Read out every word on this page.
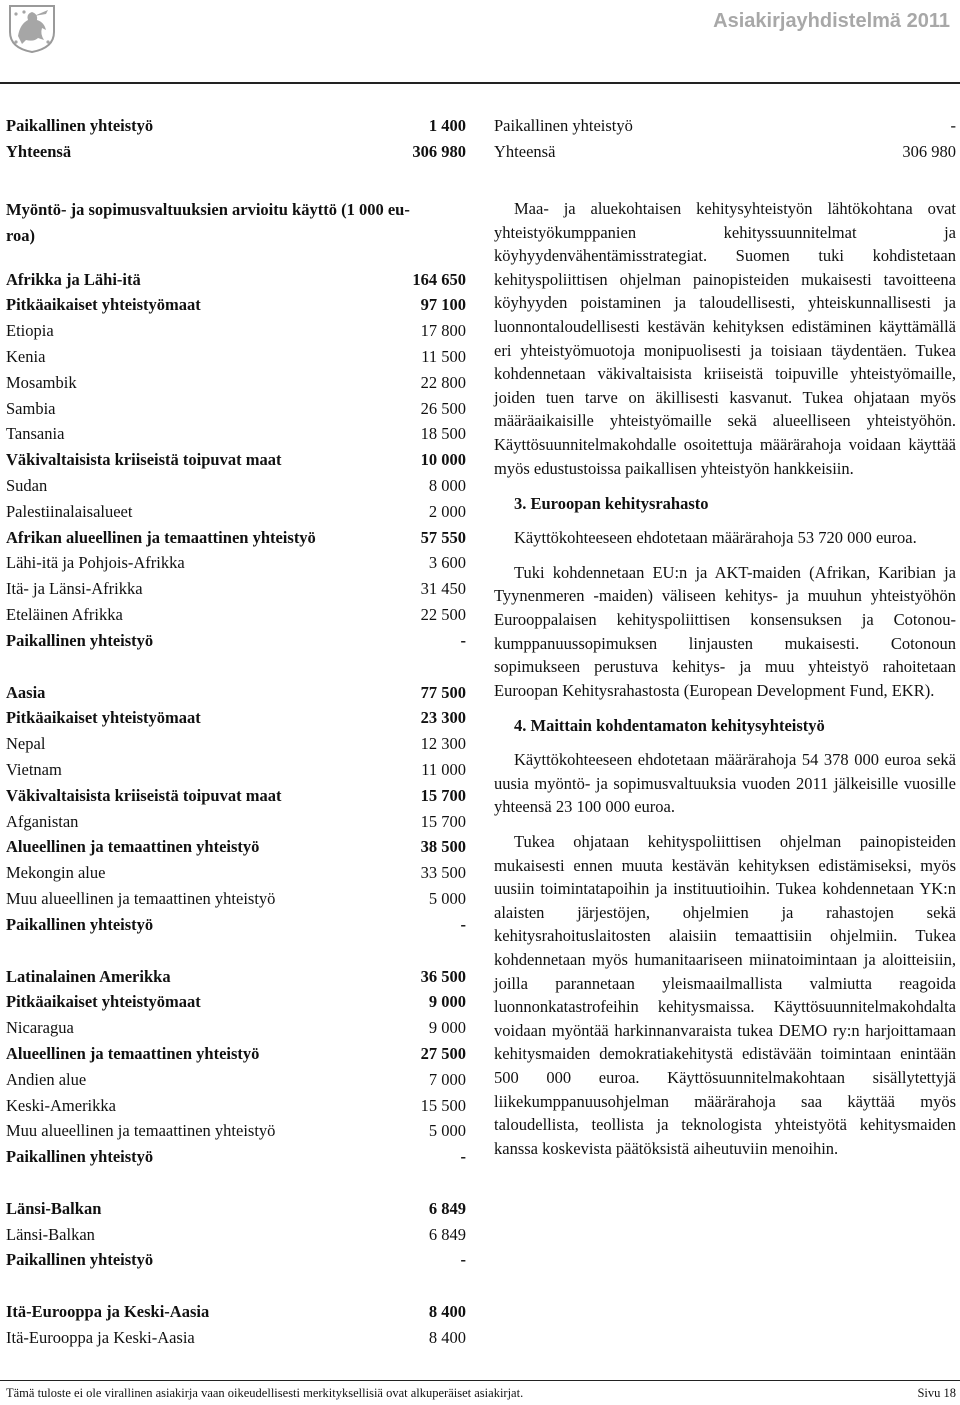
Asiakirjayhdistelmä 2011
Paikallinen yhteistyö	1 400
Yhteensä	306 980
Myöntö- ja sopimusvaltuuksien arvioitu käyttö (1 000 eu-
roa)
Afrikka ja Lähi-itä	164 650
Pitkäaikaiset yhteistyömaat	97 100
Etiopia	17 800
Kenia	11 500
Mosambik	22 800
Sambia	26 500
Tansania	18 500
Väkivaltaisista kriiseistä toipuvat maat	10 000
Sudan	8 000
Palestiinalaisalueet	2 000
Afrikan alueellinen ja temaattinen yhteistyö	57 550
Lähi-itä ja Pohjois-Afrikka	3 600
Itä- ja Länsi-Afrikka	31 450
Eteläinen Afrikka	22 500
Paikallinen yhteistyö	-
Aasia	77 500
Pitkäaikaiset yhteistyömaat	23 300
Nepal	12 300
Vietnam	11 000
Väkivaltaisista kriiseistä toipuvat maat	15 700
Afganistan	15 700
Alueellinen ja temaattinen yhteistyö	38 500
Mekongin alue	33 500
Muu alueellinen ja temaattinen yhteistyö	5 000
Paikallinen yhteistyö	-
Latinalainen Amerikka	36 500
Pitkäaikaiset yhteistyömaat	9 000
Nicaragua	9 000
Alueellinen ja temaattinen yhteistyö	27 500
Andien alue	7 000
Keski-Amerikka	15 500
Muu alueellinen ja temaattinen yhteistyö	5 000
Paikallinen yhteistyö	-
Länsi-Balkan	6 849
Länsi-Balkan	6 849
Paikallinen yhteistyö	-
Itä-Eurooppa ja Keski-Aasia	8 400
Itä-Eurooppa ja Keski-Aasia	8 400
Paikallinen yhteistyö	-
Yhteensä	306 980

Maa- ja aluekohtaisen kehitysyhteistyön lähtökohtana ovat yhteistyökumppanien kehityssuunnitelmat ja köyhyydenvähentämisstrategiat. Suomen tuki kohdistetaan kehityspoliittisen ohjelman painopisteiden mukaisesti tavoitteena köyhyyden poistaminen ja taloudellisesti, yhteiskunnallisesti ja luonnontaloudellisesti kestävän kehityksen edistäminen käyttämällä eri yhteistyömuotoja monipuolisesti ja toisiaan täydentäen. Tukea kohdennetaan väkivaltaisista kriiseistä toipuville yhteistyömaille, joiden tuen tarve on äkillisesti kasvanut. Tukea ohjataan myös määräaikaisille yhteistyömaille sekä alueelliseen yhteistyöhön. Käyttösuunnitelmakohdalle osoitettuja määrärahoja voidaan käyttää myös edustustoissa paikallisen yhteistyön hankkeisiin.

3. Euroopan kehitysrahasto

Käyttökohteeseen ehdotetaan määrärahoja 53 720 000 euroa.

Tuki kohdennetaan EU:n ja AKT-maiden (Afrikan, Karibian ja Tyynenmeren -maiden) väliseen kehitys- ja muuhun yhteistyöhön Eurooppalaisen kehityspoliittisen konsensuksen ja Cotonou-kumppanuussopimuksen linjausten mukaisesti. Cotonoun sopimukseen perustuva kehitys- ja muu yhteistyö rahoitetaan Euroopan Kehitysrahastosta (European Development Fund, EKR).

4. Maittain kohdentamaton kehitysyhteistyö

Käyttökohteeseen ehdotetaan määrärahoja 54 378 000 euroa sekä uusia myöntö- ja sopimusvaltuuksia vuoden 2011 jälkeisille vuosille yhteensä 23 100 000 euroa.

Tukea ohjataan kehityspoliittisen ohjelman painopisteiden mukaisesti ennen muuta kestävän kehityksen edistämiseksi, myös uusiin toimintatapoihin ja instituutioihin. Tukea kohdennetaan YK:n alaisten järjestöjen, ohjelmien ja rahastojen sekä kehitysrahoituslaitosten alaisiin temaattisiin ohjelmiin. Tukea kohdennetaan myös humanitaariseen miinatoimintaan ja aloitteisiin, joilla parannetaan yleismaailmallista valmiutta reagoida luonnonkatastrofeihin kehitysmaissa. Käyttösuunnitelmakohdalta voidaan myöntää harkinnanvaraista tukea DEMO ry:n harjoittamaan kehitysmaiden demokratiakehitystä edistävään toimintaan enintään 500 000 euroa. Käyttösuunnitelmakohtaan sisällytettyjä liikekumppanuusohjelman määrärahoja saa käyttää myös taloudellista, teollista ja teknologista yhteistyötä kehitysmaiden kanssa koskevista päätöksistä aiheutuviin menoihin.

Tämä tuloste ei ole virallinen asiakirja vaan oikeudellisesti merkityksellisiä ovat alkuperäiset asiakirjat.	Sivu 18
